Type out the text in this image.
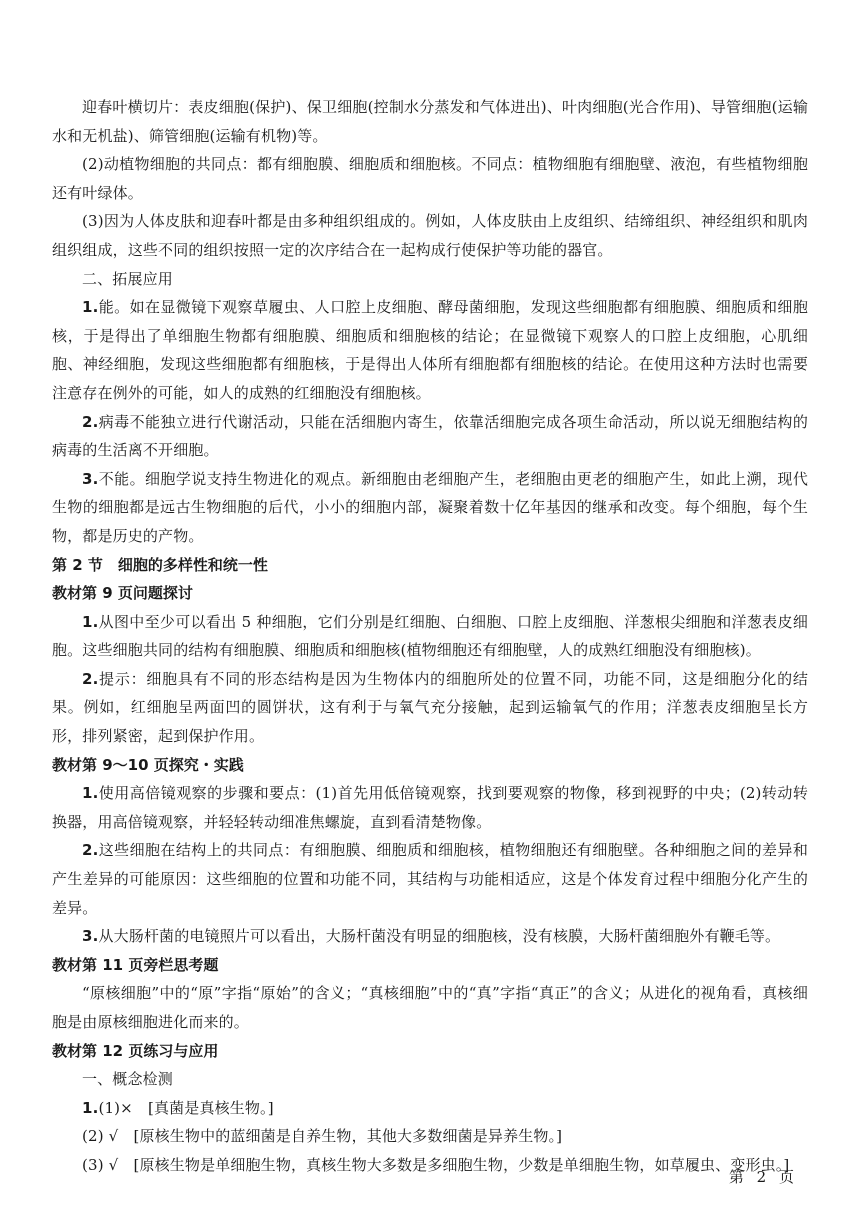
迎春叶横切片：表皮细胞(保护)、保卫细胞(控制水分蒸发和气体进出)、叶肉细胞(光合作用)、导管细胞(运输水和无机盐)、筛管细胞(运输有机物)等。

(2)动植物细胞的共同点：都有细胞膜、细胞质和细胞核。不同点：植物细胞有细胞壁、液泡，有些植物细胞还有叶绿体。

(3)因为人体皮肤和迎春叶都是由多种组织组成的。例如，人体皮肤由上皮组织、结缔组织、神经组织和肌肉组织组成，这些不同的组织按照一定的次序结合在一起构成行使保护等功能的器官。

二、拓展应用

1.能。如在显微镜下观察草履虫、人口腔上皮细胞、酵母菌细胞，发现这些细胞都有细胞膜、细胞质和细胞核，于是得出了单细胞生物都有细胞膜、细胞质和细胞核的结论；在显微镜下观察人的口腔上皮细胞，心肌细胞、神经细胞，发现这些细胞都有细胞核，于是得出人体所有细胞都有细胞核的结论。在使用这种方法时也需要注意存在例外的可能，如人的成熟的红细胞没有细胞核。

2.病毒不能独立进行代谢活动，只能在活细胞内寄生，依靠活细胞完成各项生命活动，所以说无细胞结构的病毒的生活离不开细胞。

3.不能。细胞学说支持生物进化的观点。新细胞由老细胞产生，老细胞由更老的细胞产生，如此上溯，现代生物的细胞都是远古生物细胞的后代，小小的细胞内部，凝聚着数十亿年基因的继承和改变。每个细胞，每个生物，都是历史的产物。

第 2 节　细胞的多样性和统一性
教材第 9 页问题探讨

1.从图中至少可以看出 5 种细胞，它们分别是红细胞、白细胞、口腔上皮细胞、洋葱根尖细胞和洋葱表皮细胞。这些细胞共同的结构有细胞膜、细胞质和细胞核(植物细胞还有细胞壁，人的成熟红细胞没有细胞核)。

2.提示：细胞具有不同的形态结构是因为生物体内的细胞所处的位置不同，功能不同，这是细胞分化的结果。例如，红细胞呈两面凹的圆饼状，这有利于与氧气充分接触，起到运输氧气的作用；洋葱表皮细胞呈长方形，排列紧密，起到保护作用。

教材第 9～10 页探究・实践

1.使用高倍镜观察的步骤和要点：(1)首先用低倍镜观察，找到要观察的物像，移到视野的中央；(2)转动转换器，用高倍镜观察，并轻轻转动细准焦螺旋，直到看清楚物像。

2.这些细胞在结构上的共同点：有细胞膜、细胞质和细胞核，植物细胞还有细胞壁。各种细胞之间的差异和产生差异的可能原因：这些细胞的位置和功能不同，其结构与功能相适应，这是个体发育过程中细胞分化产生的差异。

3.从大肠杆菌的电镜照片可以看出，大肠杆菌没有明显的细胞核，没有核膜，大肠杆菌细胞外有鞭毛等。

教材第 11 页旁栏思考题

“原核细胞”中的“原”字指“原始”的含义；“真核细胞”中的“真”字指“真正”的含义；从进化的视角看，真核细胞是由原核细胞进化而来的。

教材第 12 页练习与应用

一、概念检测

1.(1)×　[真菌是真核生物。]

(2) √　[原核生物中的蓝细菌是自养生物，其他大多数细菌是异养生物。]

(3) √　[原核生物是单细胞生物，真核生物大多数是多细胞生物，少数是单细胞生物，如草履虫、变形虫。]

第 2 页
